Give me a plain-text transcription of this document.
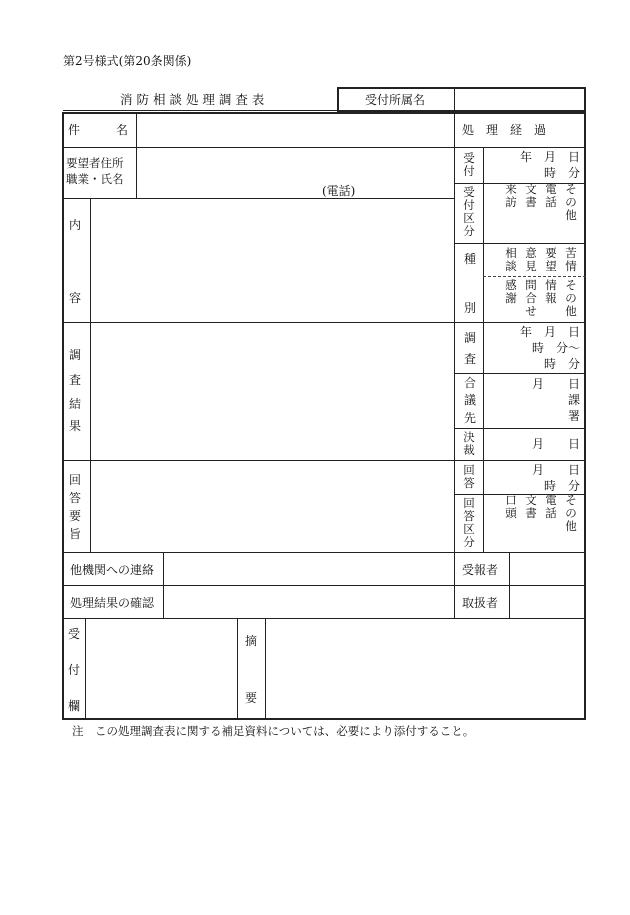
第2号様式(第20条関係)
消 防 相 談 処 理 調 査 表	受付所属名
件　　　名
要望者住所
職業・氏名
(電話)
内
容
調
査
結
果
回
答
要
旨
他機関への連絡
処理結果の確認
受
付
欄
摘
要
処　理　経　過
受付
年　月　日
時　分
受付区分
来訪
文書
電話
その他
種
別
相談
意見
要望
苦情
感謝
問合せ
情報
その他
調
査
年　月　日
時　分〜
時　分
合
議
先
月　　日
課
署
決裁	月　　日
回答
月　　日
時　分
回答区分
口頭
文書
電話
その他
受報者
取扱者
注　この処理調査表に関する補足資料については、必要により添付すること。
